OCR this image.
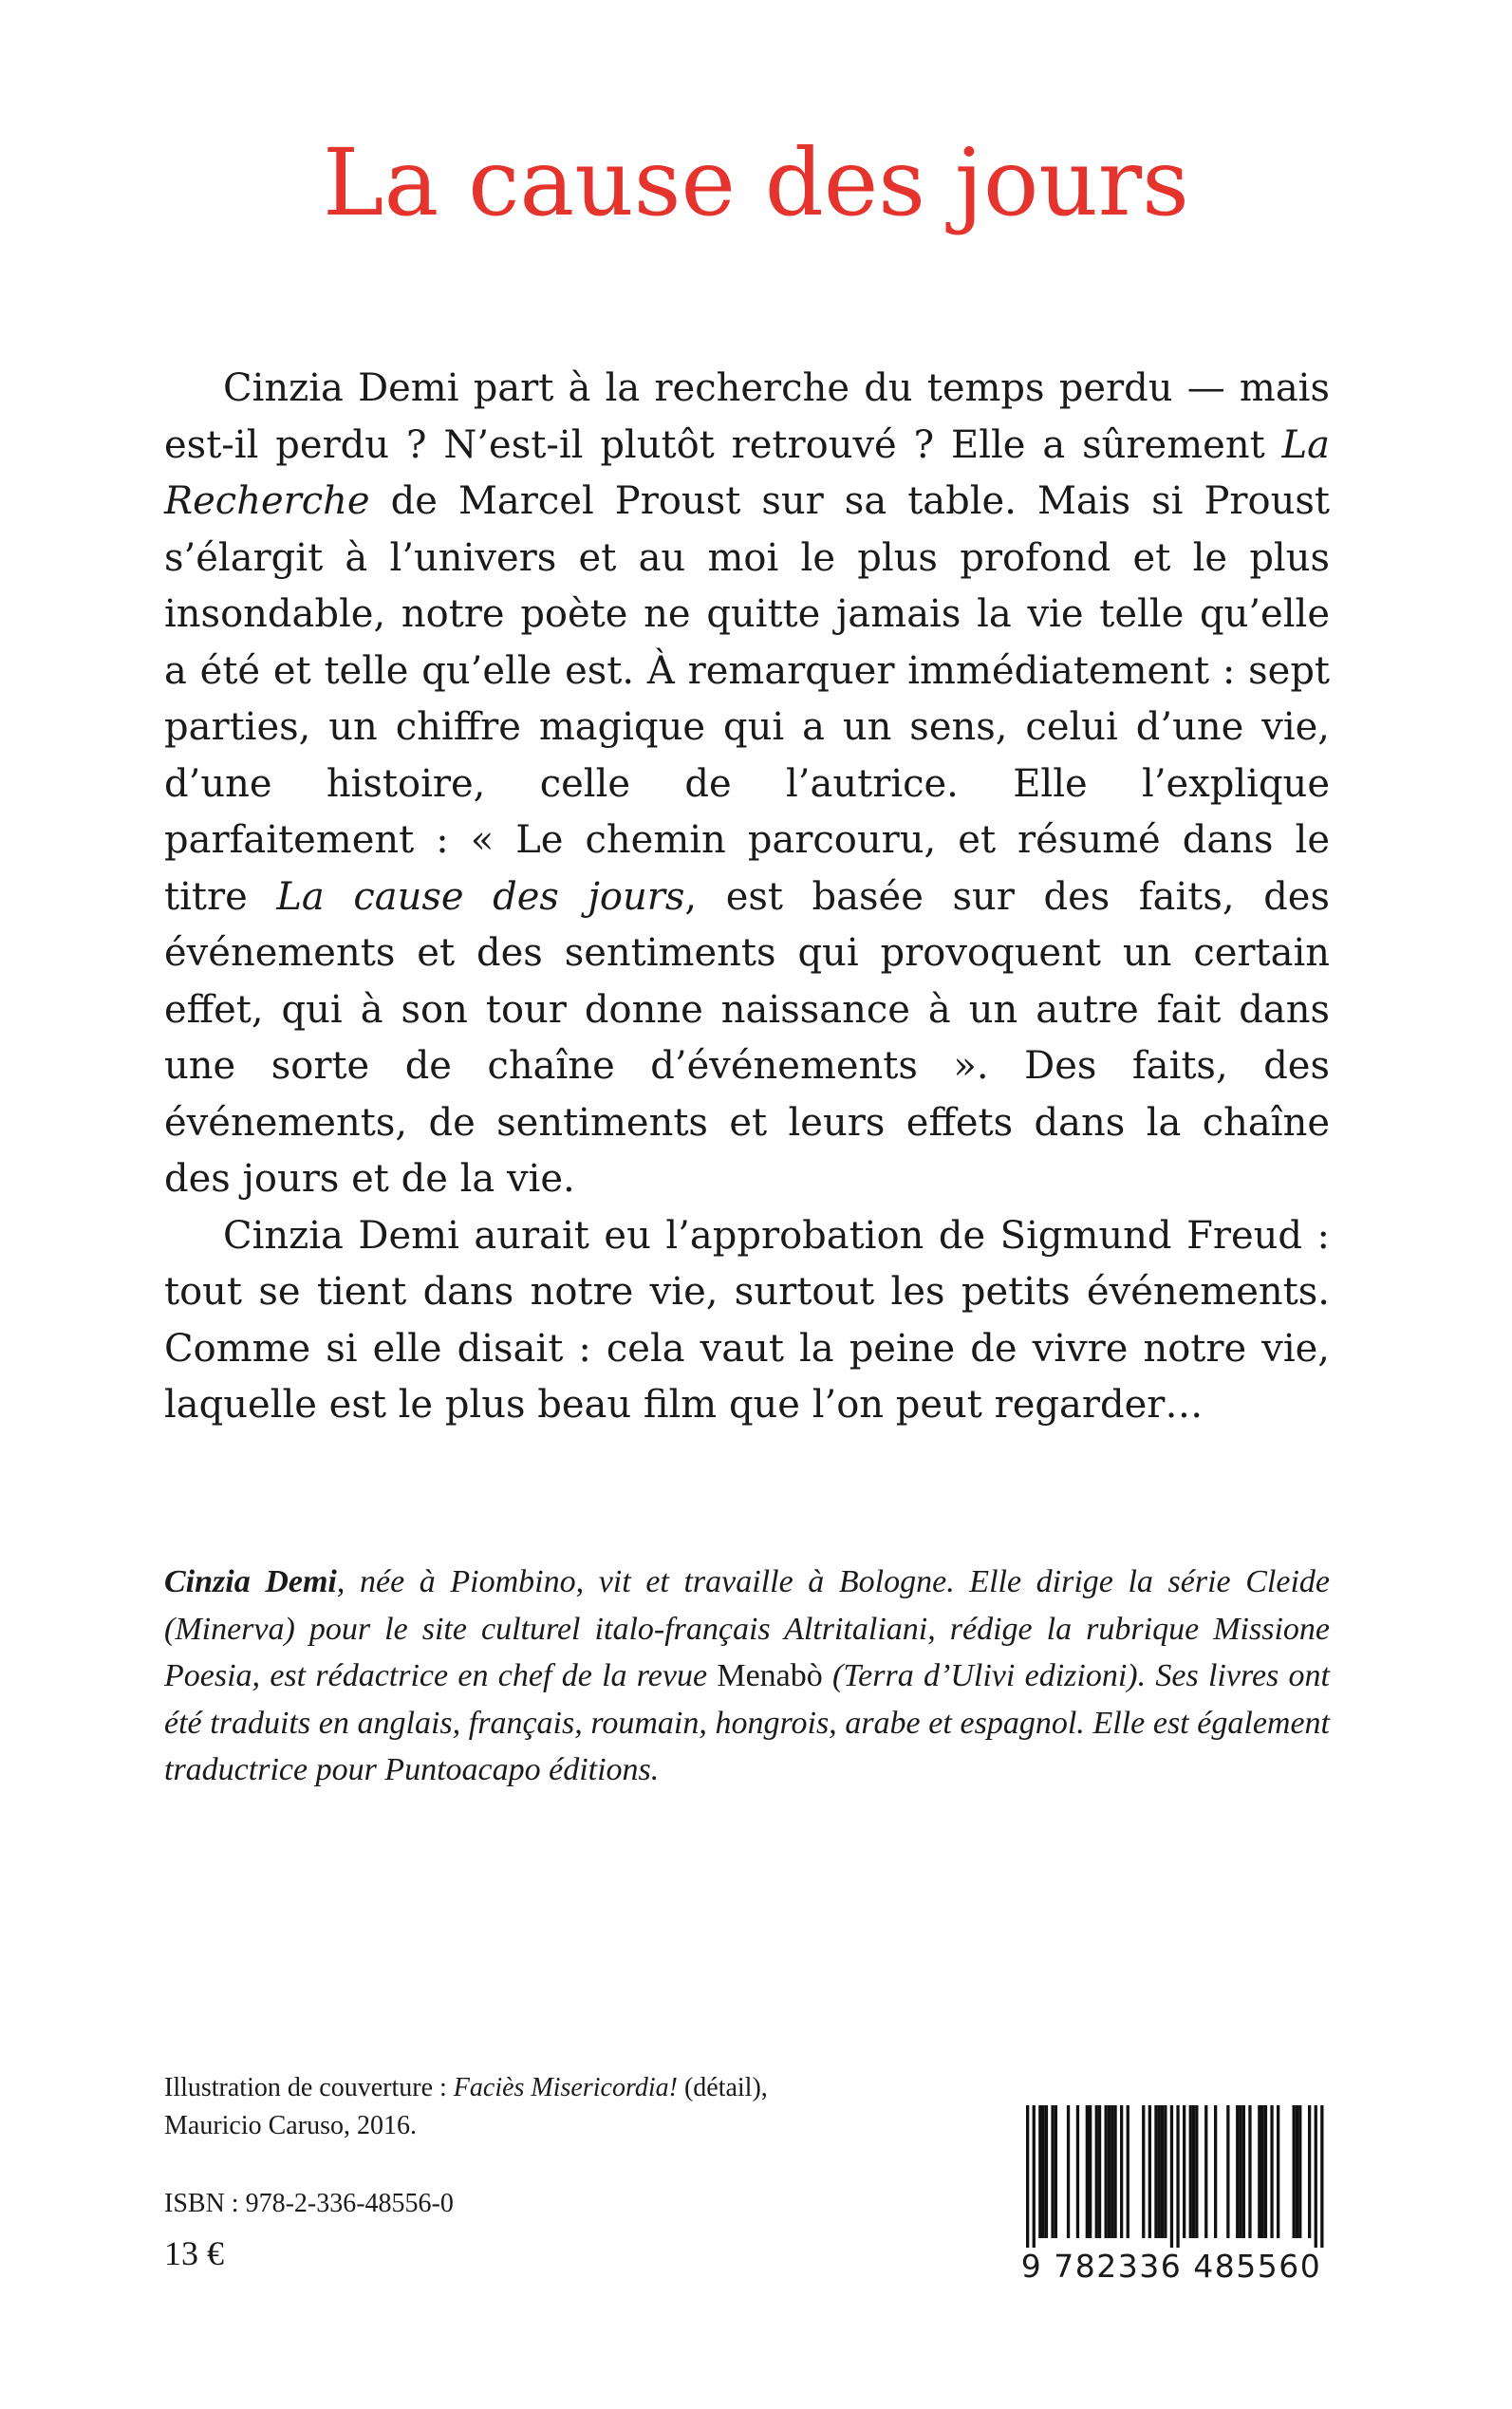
La cause des jours

Cinzia Demi part à la recherche du temps perdu — mais est-il perdu ? N’est-il plutôt retrouvé ? Elle a sûrement La Recherche de Marcel Proust sur sa table. Mais si Proust s’élargit à l’univers et au moi le plus profond et le plus insondable, notre poète ne quitte jamais la vie telle qu’elle a été et telle qu’elle est. À remarquer immédiatement : sept parties, un chiffre magique qui a un sens, celui d’une vie, d’une histoire, celle de l’autrice. Elle l’explique parfaitement : « Le chemin parcouru, et résumé dans le titre La cause des jours, est basée sur des faits, des événements et des sentiments qui provoquent un certain effet, qui à son tour donne naissance à un autre fait dans une sorte de chaîne d’événements ». Des faits, des événements, de sentiments et leurs effets dans la chaîne des jours et de la vie.

Cinzia Demi aurait eu l’approbation de Sigmund Freud : tout se tient dans notre vie, surtout les petits événements. Comme si elle disait : cela vaut la peine de vivre notre vie, laquelle est le plus beau film que l’on peut regarder…

Cinzia Demi, née à Piombino, vit et travaille à Bologne. Elle dirige la série Cleide (Minerva) pour le site culturel italo-français Altritaliani, rédige la rubrique Missione Poesia, est rédactrice en chef de la revue Menabò (Terra d’Ulivi edizioni). Ses livres ont été traduits en anglais, français, roumain, hongrois, arabe et espagnol. Elle est également traductrice pour Puntoacapo éditions.

Illustration de couverture : Faciès Misericordia! (détail),

Mauricio Caruso, 2016.

ISBN : 978-2-336-48556-0
13 €	9 782336 485560
